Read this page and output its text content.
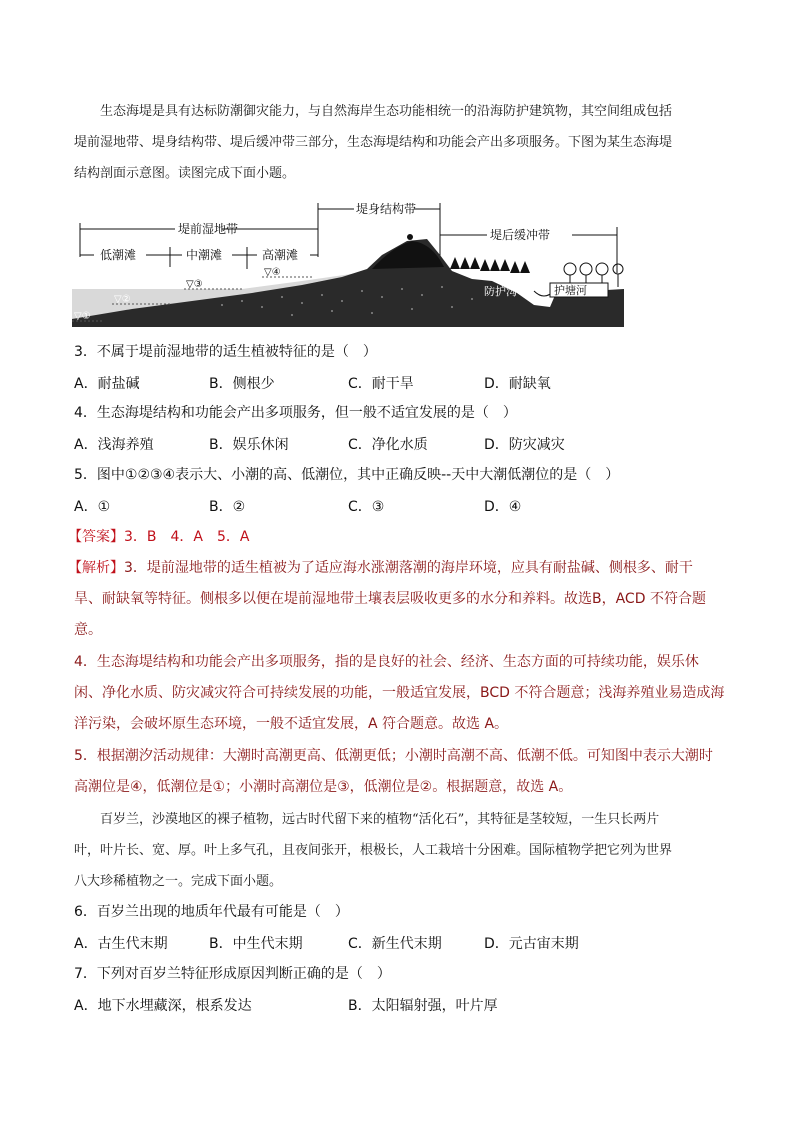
生态海堤是具有达标防潮御灾能力，与自然海岸生态功能相统一的沿海防护建筑物，其空间组成包括
堤前湿地带、堤身结构带、堤后缓冲带三部分，生态海堤结构和功能会产出多项服务。下图为某生态海堤
结构剖面示意图。读图完成下面小题。
堤前湿地带
堤身结构带
堤后缓冲带
低潮滩	中潮滩	高潮滩
防护沟	护塘河
▽①
▽②
▽③
▽④
3．不属于堤前湿地带的适生植被特征的是（　）
A．耐盐碱	B．侧根少	C．耐干旱	D．耐缺氧
4．生态海堤结构和功能会产出多项服务，但一般不适宜发展的是（　）
A．浅海养殖	B．娱乐休闲	C．净化水质	D．防灾减灾
5．图中①②③④表示大、小潮的高、低潮位，其中正确反映--天中大潮低潮位的是（　）
A．①	B．②	C．③	D．④
【答案】3．B　4．A　5．A
【解析】3．堤前湿地带的适生植被为了适应海水涨潮落潮的海岸环境，应具有耐盐碱、侧根多、耐干
旱、耐缺氧等特征。侧根多以便在堤前湿地带土壤表层吸收更多的水分和养料。故选B，ACD 不符合题
意。
4．生态海堤结构和功能会产出多项服务，指的是良好的社会、经济、生态方面的可持续功能，娱乐休
闲、净化水质、防灾减灾符合可持续发展的功能，一般适宜发展，BCD 不符合题意；浅海养殖业易造成海
洋污染，会破坏原生态环境，一般不适宜发展，A 符合题意。故选 A。
5．根据潮汐活动规律：大潮时高潮更高、低潮更低；小潮时高潮不高、低潮不低。可知图中表示大潮时
高潮位是④，低潮位是①；小潮时高潮位是③，低潮位是②。根据题意，故选 A。
百岁兰，沙漠地区的裸子植物，远古时代留下来的植物“活化石”，其特征是茎较短，一生只长两片
叶，叶片长、宽、厚。叶上多气孔，且夜间张开，根极长，人工栽培十分困难。国际植物学把它列为世界
八大珍稀植物之一。完成下面小题。
6．百岁兰出现的地质年代最有可能是（　）
A．古生代末期	B．中生代末期	C．新生代末期	D．元古宙末期
7．下列对百岁兰特征形成原因判断正确的是（　）
A．地下水埋藏深，根系发达	B．太阳辐射强，叶片厚
